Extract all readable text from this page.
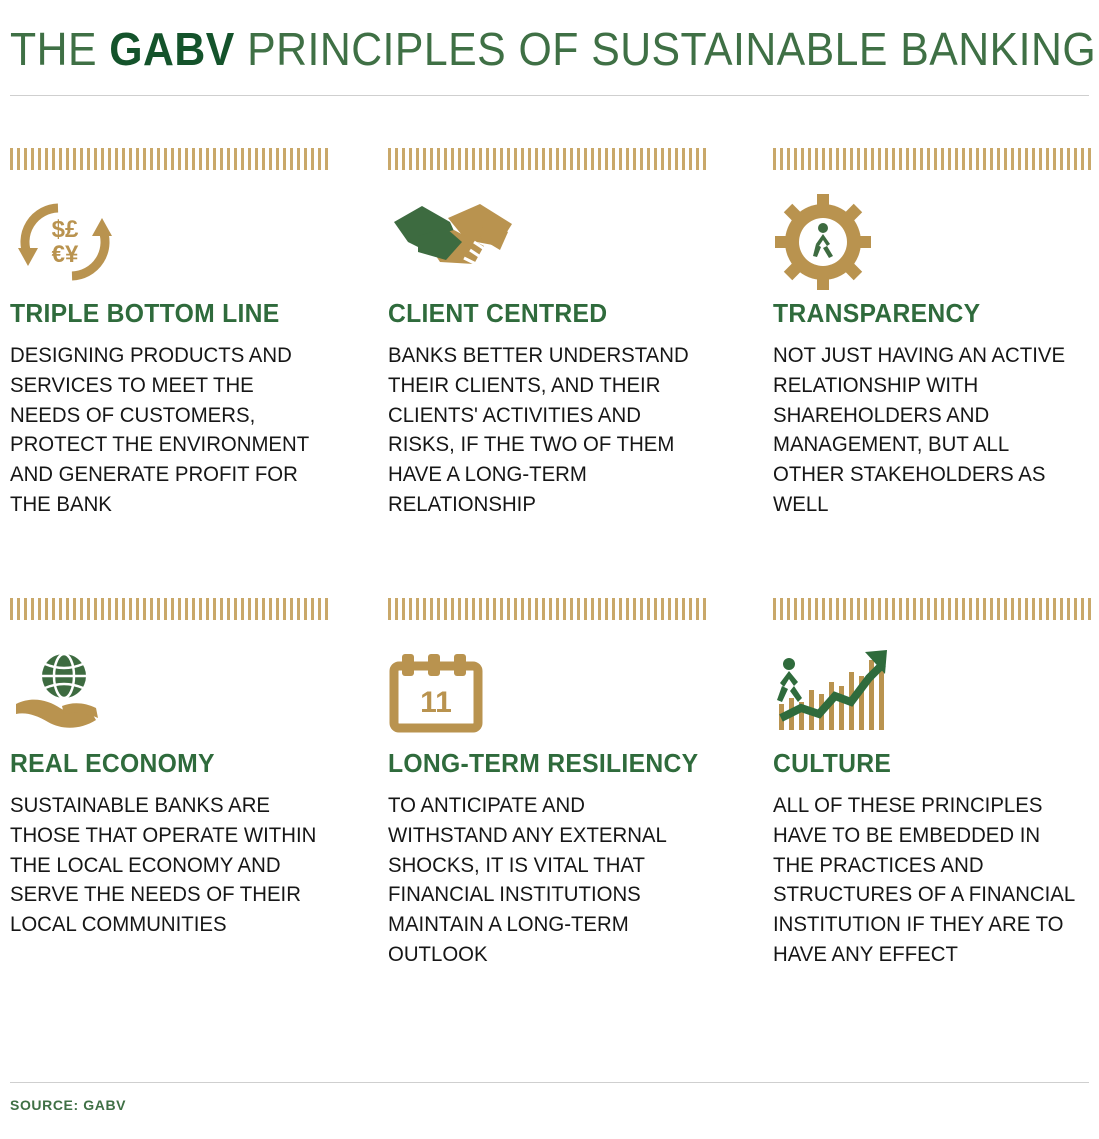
THE GABV PRINCIPLES OF SUSTAINABLE BANKING
$£
€¥
TRIPLE BOTTOM LINE
DESIGNING PRODUCTS AND SERVICES TO MEET THE NEEDS OF CUSTOMERS, PROTECT THE ENVIRONMENT AND GENERATE PROFIT FOR THE BANK
CLIENT CENTRED
BANKS BETTER UNDERSTAND THEIR CLIENTS, AND THEIR CLIENTS' ACTIVITIES AND RISKS, IF THE TWO OF THEM HAVE A LONG-TERM RELATIONSHIP
TRANSPARENCY
NOT JUST HAVING AN ACTIVE RELATIONSHIP WITH SHAREHOLDERS AND MANAGEMENT, BUT ALL OTHER STAKEHOLDERS AS WELL
REAL ECONOMY
SUSTAINABLE BANKS ARE THOSE THAT OPERATE WITHIN THE LOCAL ECONOMY AND SERVE THE NEEDS OF THEIR LOCAL COMMUNITIES
11
LONG-TERM RESILIENCY
TO ANTICIPATE AND WITHSTAND ANY EXTERNAL SHOCKS, IT IS VITAL THAT FINANCIAL INSTITUTIONS MAINTAIN A LONG-TERM OUTLOOK
CULTURE
ALL OF THESE PRINCIPLES HAVE TO BE EMBEDDED IN THE PRACTICES AND STRUCTURES OF A FINANCIAL INSTITUTION IF THEY ARE TO HAVE ANY EFFECT
SOURCE: GABV
